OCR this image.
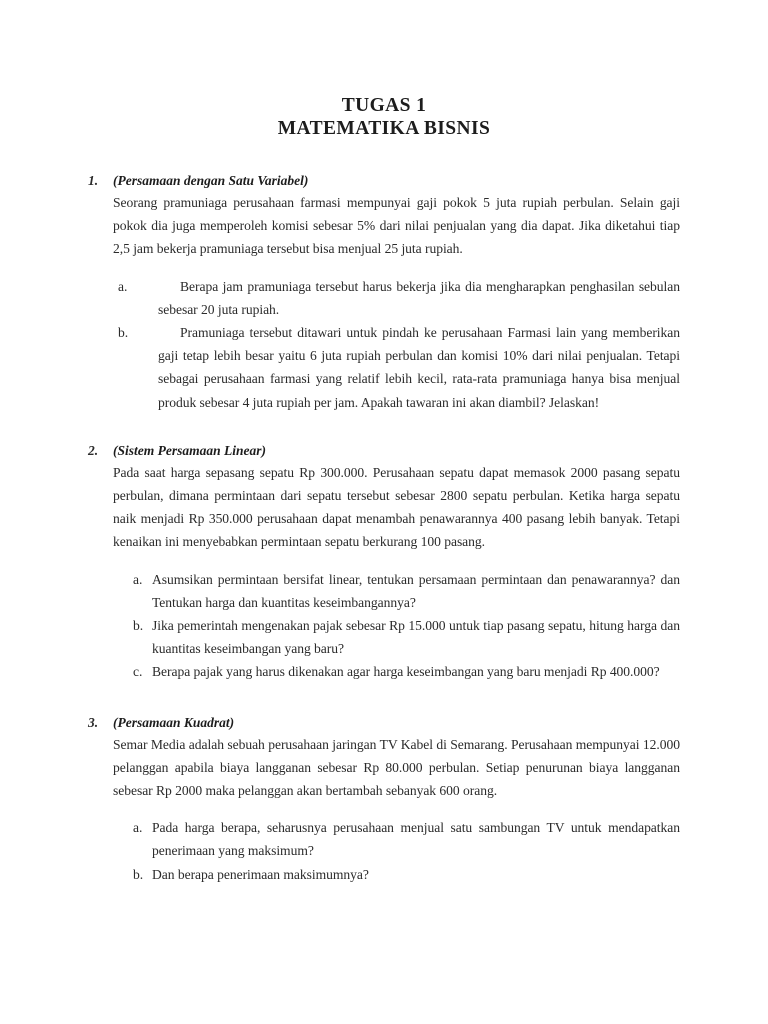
TUGAS 1
MATEMATIKA BISNIS
1. (Persamaan dengan Satu Variabel)
Seorang pramuniaga perusahaan farmasi mempunyai gaji pokok 5 juta rupiah perbulan. Selain gaji pokok dia juga memperoleh komisi sebesar 5% dari nilai penjualan yang dia dapat. Jika diketahui tiap 2,5 jam bekerja pramuniaga tersebut bisa menjual 25 juta rupiah.
a.	Berapa jam pramuniaga tersebut harus bekerja jika dia mengharapkan penghasilan sebulan sebesar 20 juta rupiah.
b.	Pramuniaga tersebut ditawari untuk pindah ke perusahaan Farmasi lain yang memberikan gaji tetap lebih besar yaitu 6 juta rupiah perbulan dan komisi 10% dari nilai penjualan. Tetapi sebagai perusahaan farmasi yang relatif lebih kecil, rata-rata pramuniaga hanya bisa menjual produk sebesar 4 juta rupiah per jam. Apakah tawaran ini akan diambil? Jelaskan!
2. (Sistem Persamaan Linear)
Pada saat harga sepasang sepatu Rp 300.000. Perusahaan sepatu dapat memasok 2000 pasang sepatu perbulan, dimana permintaan dari sepatu tersebut sebesar 2800 sepatu perbulan. Ketika harga sepatu naik menjadi Rp 350.000 perusahaan dapat menambah penawarannya 400 pasang lebih banyak. Tetapi kenaikan ini menyebabkan permintaan sepatu berkurang 100 pasang.
a. Asumsikan permintaan bersifat linear, tentukan persamaan permintaan dan penawarannya? dan Tentukan harga dan kuantitas keseimbangannya?
b. Jika pemerintah mengenakan pajak sebesar Rp 15.000 untuk tiap pasang sepatu, hitung harga dan kuantitas keseimbangan yang baru?
c. Berapa pajak yang harus dikenakan agar harga keseimbangan yang baru menjadi Rp 400.000?
3. (Persamaan Kuadrat)
Semar Media adalah sebuah perusahaan jaringan TV Kabel di Semarang. Perusahaan mempunyai 12.000 pelanggan apabila biaya langganan sebesar Rp 80.000 perbulan. Setiap penurunan biaya langganan sebesar Rp 2000 maka pelanggan akan bertambah sebanyak 600 orang.
a. Pada harga berapa, seharusnya perusahaan menjual satu sambungan TV untuk mendapatkan penerimaan yang maksimum?
b. Dan berapa penerimaan maksimumnya?
